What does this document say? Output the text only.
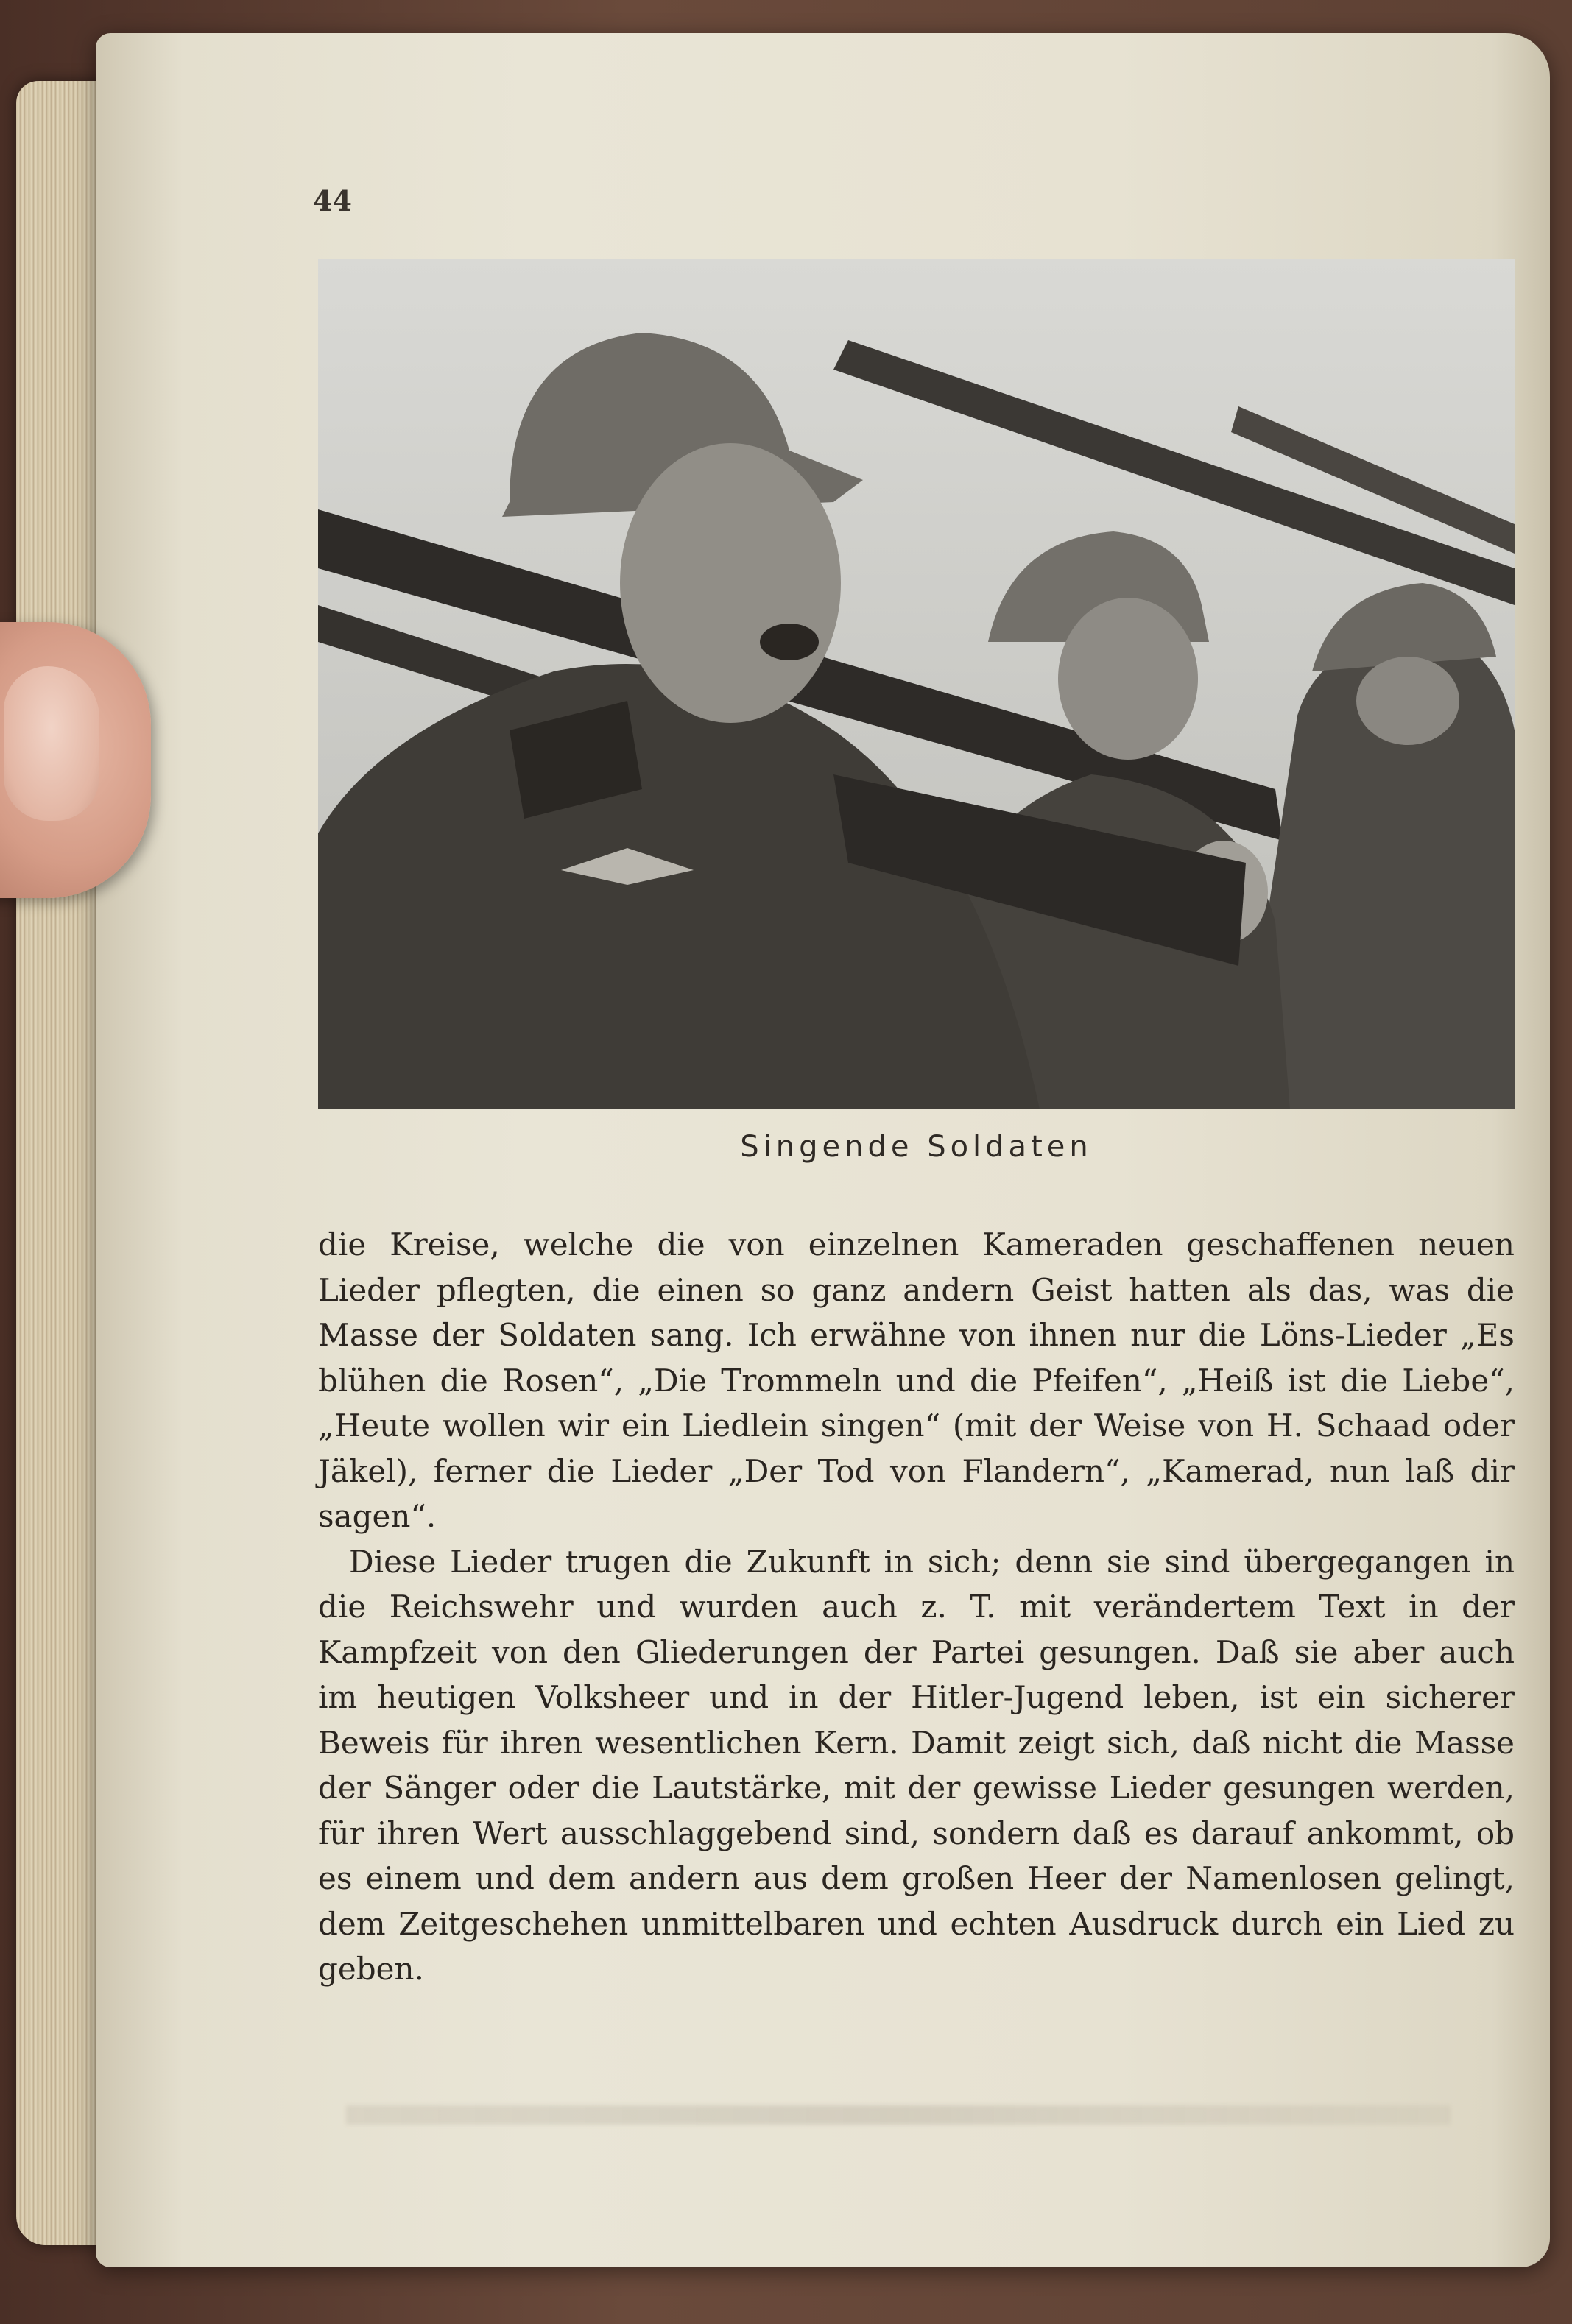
44
Singende Soldaten

die Kreise, welche die von einzelnen Kameraden geschaffenen neuen Lieder pflegten, die einen so ganz andern Geist hatten als das, was die Masse der Soldaten sang. Ich erwähne von ihnen nur die Löns-Lieder „Es blühen die Rosen“, „Die Trommeln und die Pfeifen“, „Heiß ist die Liebe“, „Heute wollen wir ein Liedlein singen“ (mit der Weise von H. Schaad oder Jäkel), ferner die Lieder „Der Tod von Flandern“, „Kamerad, nun laß dir sagen“.

Diese Lieder trugen die Zukunft in sich; denn sie sind übergegangen in die Reichswehr und wurden auch z. T. mit verändertem Text in der Kampfzeit von den Gliederungen der Partei gesungen. Daß sie aber auch im heutigen Volksheer und in der Hitler-Jugend leben, ist ein sicherer Beweis für ihren wesentlichen Kern. Damit zeigt sich, daß nicht die Masse der Sänger oder die Lautstärke, mit der gewisse Lieder gesungen werden, für ihren Wert ausschlaggebend sind, sondern daß es darauf ankommt, ob es einem und dem andern aus dem großen Heer der Namenlosen gelingt, dem Zeitgeschehen unmittelbaren und echten Ausdruck durch ein Lied zu geben.
